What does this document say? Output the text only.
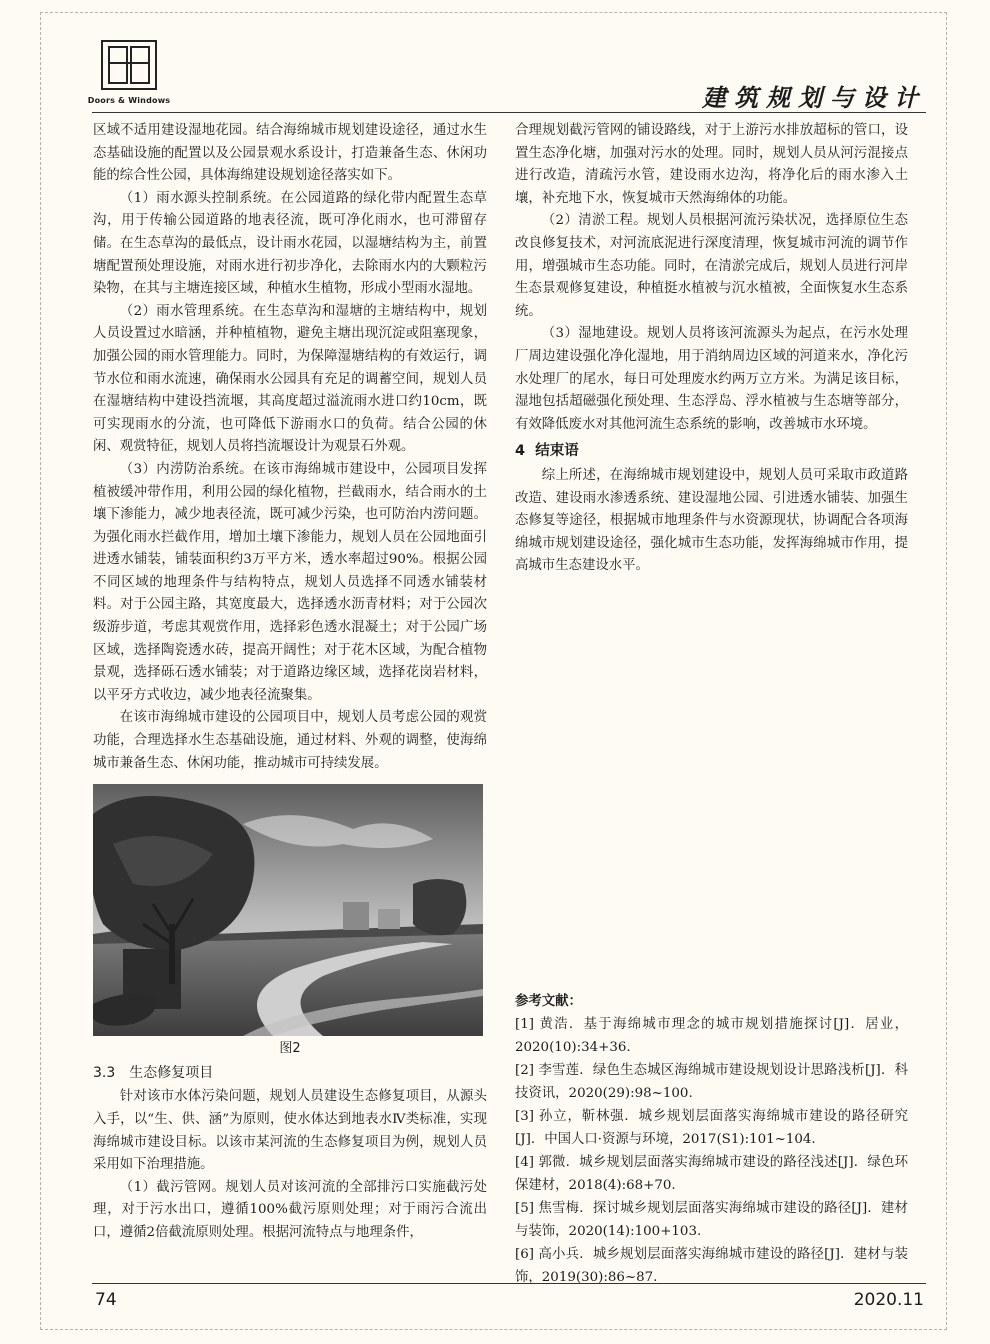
Doors & Windows	建筑规划与设计

区域不适用建设湿地花园。结合海绵城市规划建设途径，通过水生态基础设施的配置以及公园景观水系设计，打造兼备生态、休闲功能的综合性公园，具体海绵建设规划途径落实如下。

（1）雨水源头控制系统。在公园道路的绿化带内配置生态草沟，用于传输公园道路的地表径流，既可净化雨水，也可滞留存储。在生态草沟的最低点，设计雨水花园，以湿塘结构为主，前置塘配置预处理设施，对雨水进行初步净化，去除雨水内的大颗粒污染物，在其与主塘连接区域，种植水生植物，形成小型雨水湿地。

（2）雨水管理系统。在生态草沟和湿塘的主塘结构中，规划人员设置过水暗涵，并种植植物，避免主塘出现沉淀或阻塞现象，加强公园的雨水管理能力。同时，为保障湿塘结构的有效运行，调节水位和雨水流速，确保雨水公园具有充足的调蓄空间，规划人员在湿塘结构中建设挡流堰，其高度超过溢流雨水进口约10cm，既可实现雨水的分流，也可降低下游雨水口的负荷。结合公园的休闲、观赏特征，规划人员将挡流堰设计为观景石外观。

（3）内涝防治系统。在该市海绵城市建设中，公园项目发挥植被缓冲带作用，利用公园的绿化植物，拦截雨水，结合雨水的土壤下渗能力，减少地表径流，既可减少污染，也可防治内涝问题。为强化雨水拦截作用，增加土壤下渗能力，规划人员在公园地面引进透水铺装，铺装面积约3万平方米，透水率超过90%。根据公园不同区域的地理条件与结构特点，规划人员选择不同透水铺装材料。对于公园主路，其宽度最大，选择透水沥青材料；对于公园次级游步道，考虑其观赏作用，选择彩色透水混凝土；对于公园广场区域，选择陶瓷透水砖，提高开阔性；对于花木区域，为配合植物景观，选择砾石透水铺装；对于道路边缘区域，选择花岗岩材料，以平牙方式收边，减少地表径流聚集。

在该市海绵城市建设的公园项目中，规划人员考虑公园的观赏功能，合理选择水生态基础设施，通过材料、外观的调整，使海绵城市兼备生态、休闲功能，推动城市可持续发展。

图2
3.3 生态修复项目

针对该市水体污染问题，规划人员建设生态修复项目，从源头入手，以“生、供、涵”为原则，使水体达到地表水Ⅳ类标准，实现海绵城市建设目标。以该市某河流的生态修复项目为例，规划人员采用如下治理措施。

（1）截污管网。规划人员对该河流的全部排污口实施截污处理，对于污水出口，遵循100%截污原则处理；对于雨污合流出口，遵循2倍截流原则处理。根据河流特点与地理条件，

合理规划截污管网的铺设路线，对于上游污水排放超标的管口，设置生态净化塘，加强对污水的处理。同时，规划人员从河污混接点进行改造，清疏污水管，建设雨水边沟，将净化后的雨水渗入土壤，补充地下水，恢复城市天然海绵体的功能。

（2）清淤工程。规划人员根据河流污染状况，选择原位生态改良修复技术，对河流底泥进行深度清理，恢复城市河流的调节作用，增强城市生态功能。同时，在清淤完成后，规划人员进行河岸生态景观修复建设，种植挺水植被与沉水植被，全面恢复水生态系统。

（3）湿地建设。规划人员将该河流源头为起点，在污水处理厂周边建设强化净化湿地，用于消纳周边区域的河道来水，净化污水处理厂的尾水，每日可处理废水约两万立方米。为满足该目标，湿地包括超磁强化预处理、生态浮岛、浮水植被与生态塘等部分，有效降低废水对其他河流生态系统的影响，改善城市水环境。

4 结束语

综上所述，在海绵城市规划建设中，规划人员可采取市政道路改造、建设雨水渗透系统、建设湿地公园、引进透水铺装、加强生态修复等途径，根据城市地理条件与水资源现状，协调配合各项海绵城市规划建设途径，强化城市生态功能，发挥海绵城市作用，提高城市生态建设水平。

参考文献：
[1] 黄浩．基于海绵城市理念的城市规划措施探讨[J]．居业，2020(10):34+36.
[2] 李雪莲．绿色生态城区海绵城市建设规划设计思路浅析[J]．科技资讯，2020(29):98~100.
[3] 孙立，靳林强．城乡规划层面落实海绵城市建设的路径研究[J]．中国人口·资源与环境，2017(S1):101~104.
[4] 郭微．城乡规划层面落实海绵城市建设的路径浅述[J]．绿色环保建材，2018(4):68+70.
[5] 焦雪梅．探讨城乡规划层面落实海绵城市建设的路径[J]．建材与装饰，2020(14):100+103.
[6] 高小兵．城乡规划层面落实海绵城市建设的路径[J]．建材与装饰，2019(30):86~87.
74	2020.11
